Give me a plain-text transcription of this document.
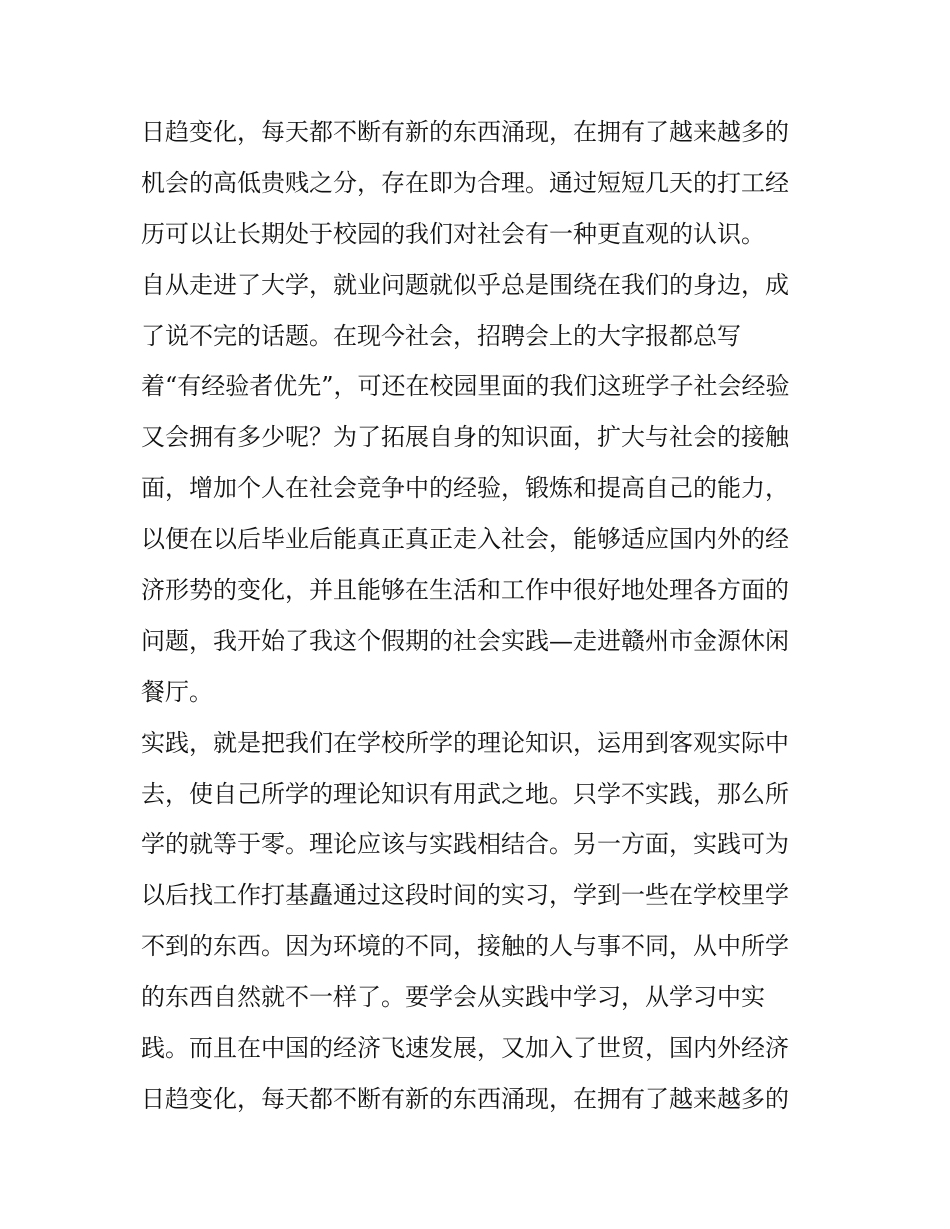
日趋变化，每天都不断有新的东西涌现，在拥有了越来越多的
机会的高低贵贱之分，存在即为合理。通过短短几天的打工经
历可以让长期处于校园的我们对社会有一种更直观的认识。
自从走进了大学，就业问题就似乎总是围绕在我们的身边，成
了说不完的话题。在现今社会，招聘会上的大字报都总写
着“有经验者优先”，可还在校园里面的我们这班学子社会经验
又会拥有多少呢？为了拓展自身的知识面，扩大与社会的接触
面，增加个人在社会竞争中的经验，锻炼和提高自己的能力，
以便在以后毕业后能真正真正走入社会，能够适应国内外的经
济形势的变化，并且能够在生活和工作中很好地处理各方面的
问题，我开始了我这个假期的社会实践—走进赣州市金源休闲
餐厅。
实践，就是把我们在学校所学的理论知识，运用到客观实际中
去，使自己所学的理论知识有用武之地。只学不实践，那么所
学的就等于零。理论应该与实践相结合。另一方面，实践可为
以后找工作打基矗通过这段时间的实习，学到一些在学校里学
不到的东西。因为环境的不同，接触的人与事不同，从中所学
的东西自然就不一样了。要学会从实践中学习，从学习中实
践。而且在中国的经济飞速发展，又加入了世贸，国内外经济
日趋变化，每天都不断有新的东西涌现，在拥有了越来越多的
